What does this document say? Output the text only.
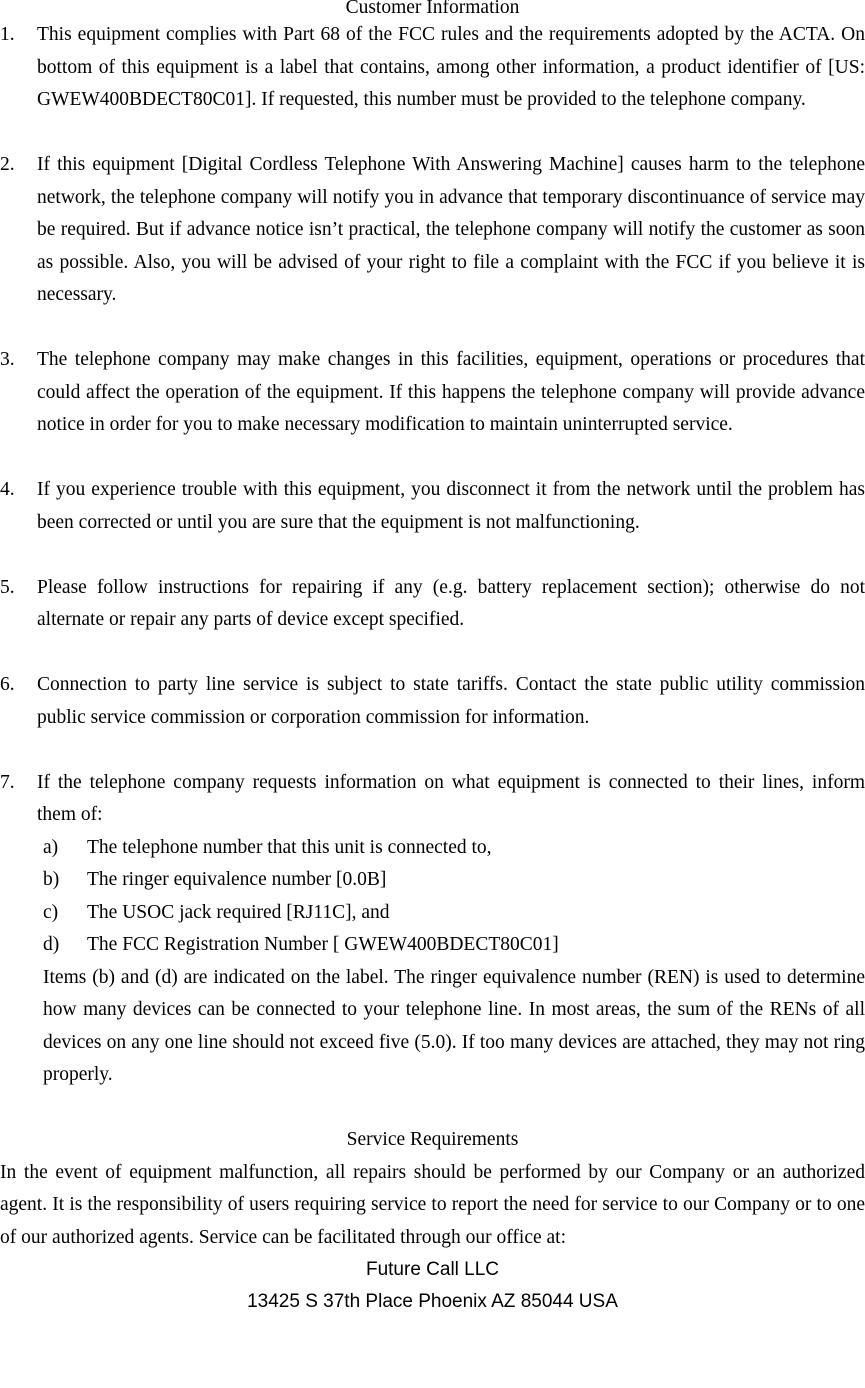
Customer Information

1. This equipment complies with Part 68 of the FCC rules and the requirements adopted by the ACTA. On bottom of this equipment is a label that contains, among other information, a product identifier of [US: GWEW400BDECT80C01]. If requested, this number must be provided to the telephone company.
2. If this equipment [Digital Cordless Telephone With Answering Machine] causes harm to the telephone network, the telephone company will notify you in advance that temporary discontinuance of service may be required. But if advance notice isn’t practical, the telephone company will notify the customer as soon as possible. Also, you will be advised of your right to file a complaint with the FCC if you believe it is necessary.
3. The telephone company may make changes in this facilities, equipment, operations or procedures that could affect the operation of the equipment. If this happens the telephone company will provide advance notice in order for you to make necessary modification to maintain uninterrupted service.
4. If you experience trouble with this equipment, you disconnect it from the network until the problem has been corrected or until you are sure that the equipment is not malfunctioning.
5. Please follow instructions for repairing if any (e.g. battery replacement section); otherwise do not alternate or repair any parts of device except specified.
6. Connection to party line service is subject to state tariffs. Contact the state public utility commission public service commission or corporation commission for information.
7. If the telephone company requests information on what equipment is connected to their lines, inform them of:
a) The telephone number that this unit is connected to,
b) The ringer equivalence number [0.0B]
c) The USOC jack required [RJ11C], and
d) The FCC Registration Number [ GWEW400BDECT80C01]

Items (b) and (d) are indicated on the label. The ringer equivalence number (REN) is used to determine how many devices can be connected to your telephone line. In most areas, the sum of the RENs of all devices on any one line should not exceed five (5.0). If too many devices are attached, they may not ring properly.

Service Requirements

In the event of equipment malfunction, all repairs should be performed by our Company or an authorized agent. It is the responsibility of users requiring service to report the need for service to our Company or to one of our authorized agents. Service can be facilitated through our office at:

Future Call LLC

13425 S 37th Place Phoenix AZ 85044 USA
